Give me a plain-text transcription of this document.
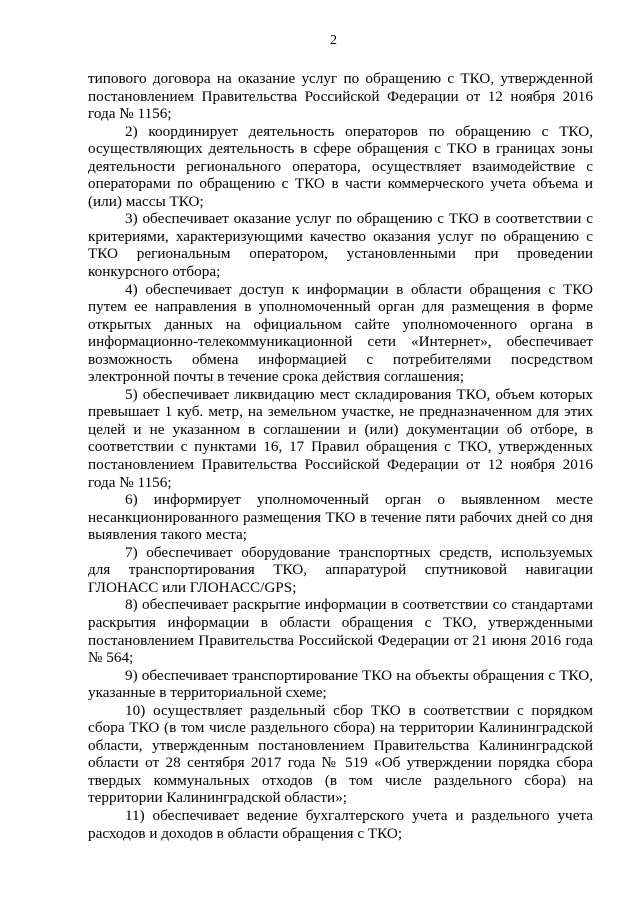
2

типового договора на оказание услуг по обращению с ТКО, утвержденной постановлением Правительства Российской Федерации от 12 ноября 2016 года № 1156;

2) координирует деятельность операторов по обращению с ТКО, осуществляющих деятельность в сфере обращения с ТКО в границах зоны деятельности регионального оператора, осуществляет взаимодействие с операторами по обращению с ТКО в части коммерческого учета объема и (или) массы ТКО;

3) обеспечивает оказание услуг по обращению с ТКО в соответствии с критериями, характеризующими качество оказания услуг по обращению с ТКО региональным оператором, установленными при проведении конкурсного отбора;

4) обеспечивает доступ к информации в области обращения с ТКО путем ее направления в уполномоченный орган для размещения в форме открытых данных на официальном сайте уполномоченного органа в информационно-телекоммуникационной сети «Интернет», обеспечивает возможность обмена информацией с потребителями посредством электронной почты в течение срока действия соглашения;

5) обеспечивает ликвидацию мест складирования ТКО, объем которых превышает 1 куб. метр, на земельном участке, не предназначенном для этих целей и не указанном в соглашении и (или) документации об отборе, в соответствии с пунктами 16, 17 Правил обращения с ТКО, утвержденных постановлением Правительства Российской Федерации от 12 ноября 2016 года № 1156;

6) информирует уполномоченный орган о выявленном месте несанкционированного размещения ТКО в течение пяти рабочих дней со дня выявления такого места;

7) обеспечивает оборудование транспортных средств, используемых для транспортирования ТКО, аппаратурой спутниковой навигации ГЛОНАСС или ГЛОНАСС/GPS;

8) обеспечивает раскрытие информации в соответствии со стандартами раскрытия информации в области обращения с ТКО, утвержденными постановлением Правительства Российской Федерации от 21 июня 2016 года № 564;

9) обеспечивает транспортирование ТКО на объекты обращения с ТКО, указанные в территориальной схеме;

10) осуществляет раздельный сбор ТКО в соответствии с порядком сбора ТКО (в том числе раздельного сбора) на территории Калининградской области, утвержденным постановлением Правительства Калининградской области от 28 сентября 2017 года № 519 «Об утверждении порядка сбора твердых коммунальных отходов (в том числе раздельного сбора) на территории Калининградской области»;

11) обеспечивает ведение бухгалтерского учета и раздельного учета расходов и доходов в области обращения с ТКО;
